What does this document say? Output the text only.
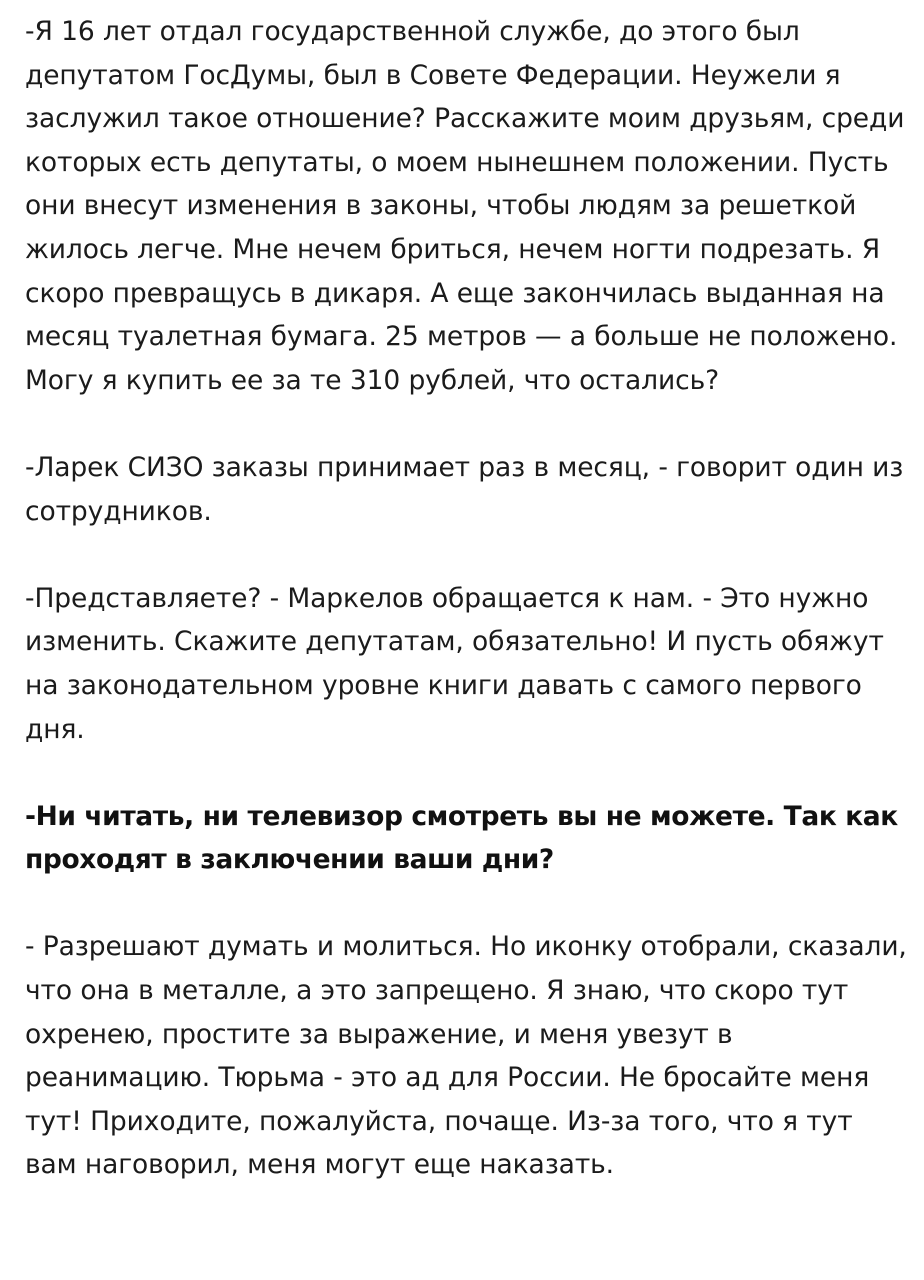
-Я 16 лет отдал государственной службе, до этого был депутатом ГосДумы, был в Совете Федерации. Неужели я заслужил такое отношение? Расскажите моим друзьям, среди которых есть депутаты, о моем нынешнем положении. Пусть они внесут изменения в законы, чтобы людям за решеткой жилось легче. Мне нечем бриться, нечем ногти подрезать. Я скоро превращусь в дикаря. А еще закончилась выданная на месяц туалетная бумага. 25 метров — а больше не положено. Могу я купить ее за те 310 рублей, что остались?

-Ларек СИЗО заказы принимает раз в месяц, - говорит один из сотрудников.

-Представляете? - Маркелов обращается к нам. - Это нужно изменить. Скажите депутатам, обязательно! И пусть обяжут на законодательном уровне книги давать с самого первого дня.

-Ни читать, ни телевизор смотреть вы не можете. Так как проходят в заключении ваши дни?

- Разрешают думать и молиться. Но иконку отобрали, сказали, что она в металле, а это запрещено. Я знаю, что скоро тут охренею, простите за выражение, и меня увезут в реанимацию. Тюрьма - это ад для России. Не бросайте меня тут! Приходите, пожалуйста, почаще. Из-за того, что я тут вам наговорил, меня могут еще наказать.
